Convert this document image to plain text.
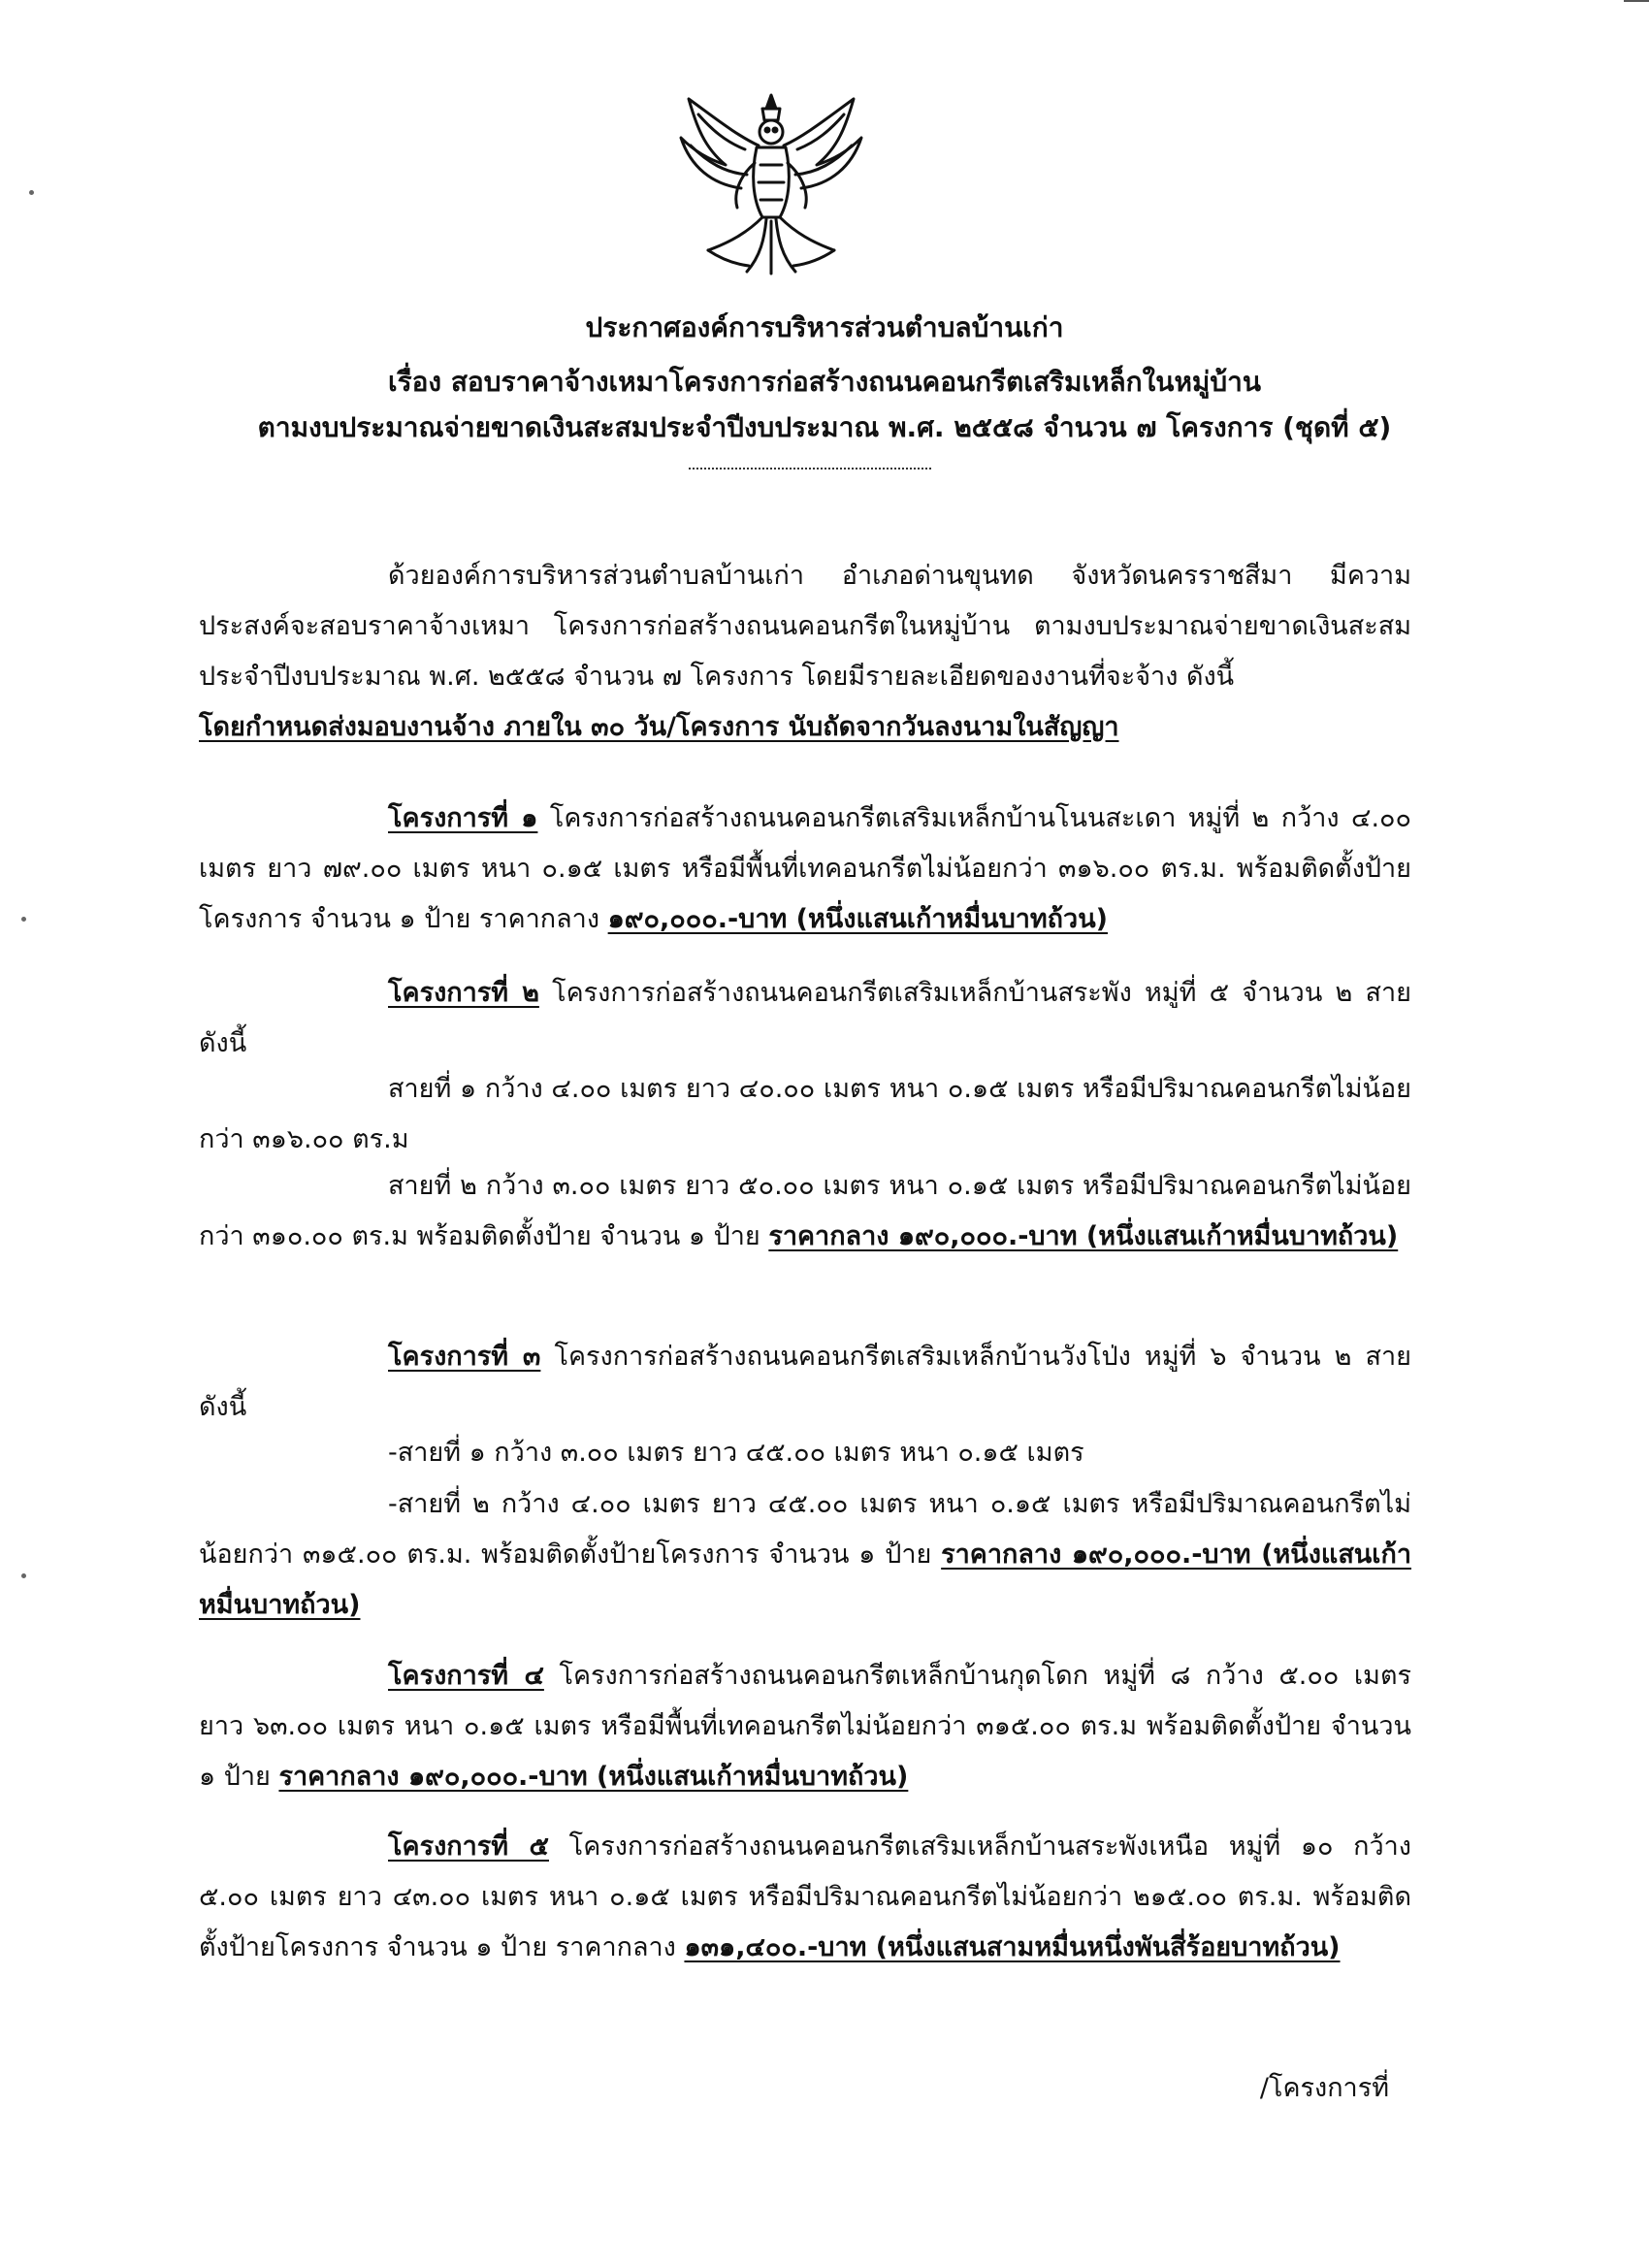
ประกาศองค์การบริหารส่วนตำบลบ้านเก่า
เรื่อง สอบราคาจ้างเหมาโครงการก่อสร้างถนนคอนกรีตเสริมเหล็กในหมู่บ้าน
ตามงบประมาณจ่ายขาดเงินสะสมประจำปีงบประมาณ พ.ศ. ๒๕๕๘ จำนวน ๗ โครงการ (ชุดที่ ๕)

ด้วยองค์การบริหารส่วนตำบลบ้านเก่า อำเภอด่านขุนทด จังหวัดนครราชสีมา มีความประสงค์จะสอบราคาจ้างเหมา โครงการก่อสร้างถนนคอนกรีตในหมู่บ้าน ตามงบประมาณจ่ายขาดเงินสะสมประจำปีงบประมาณ พ.ศ. ๒๕๕๘ จำนวน ๗ โครงการ โดยมีรายละเอียดของงานที่จะจ้าง ดังนี้
โดยกำหนดส่งมอบงานจ้าง ภายใน ๓๐ วัน/โครงการ นับถัดจากวันลงนามในสัญญา

โครงการที่ ๑ โครงการก่อสร้างถนนคอนกรีตเสริมเหล็กบ้านโนนสะเดา หมู่ที่ ๒ กว้าง ๔.๐๐ เมตร ยาว ๗๙.๐๐ เมตร หนา ๐.๑๕ เมตร หรือมีพื้นที่เทคอนกรีตไม่น้อยกว่า ๓๑๖.๐๐ ตร.ม. พร้อมติดตั้งป้ายโครงการ จำนวน ๑ ป้าย ราคากลาง ๑๙๐,๐๐๐.-บาท (หนึ่งแสนเก้าหมื่นบาทถ้วน)

โครงการที่ ๒ โครงการก่อสร้างถนนคอนกรีตเสริมเหล็กบ้านสระพัง หมู่ที่ ๕ จำนวน ๒ สาย ดังนี้

สายที่ ๑ กว้าง ๔.๐๐ เมตร ยาว ๔๐.๐๐ เมตร หนา ๐.๑๕ เมตร หรือมีปริมาณคอนกรีตไม่น้อยกว่า ๓๑๖.๐๐ ตร.ม

สายที่ ๒ กว้าง ๓.๐๐ เมตร ยาว ๕๐.๐๐ เมตร หนา ๐.๑๕ เมตร หรือมีปริมาณคอนกรีตไม่น้อยกว่า ๓๑๐.๐๐ ตร.ม พร้อมติดตั้งป้าย จำนวน ๑ ป้าย ราคากลาง ๑๙๐,๐๐๐.-บาท (หนึ่งแสนเก้าหมื่นบาทถ้วน)

โครงการที่ ๓ โครงการก่อสร้างถนนคอนกรีตเสริมเหล็กบ้านวังโป่ง หมู่ที่ ๖ จำนวน ๒ สายดังนี้

-สายที่ ๑ กว้าง ๓.๐๐ เมตร ยาว ๔๕.๐๐ เมตร หนา ๐.๑๕ เมตร

-สายที่ ๒ กว้าง ๔.๐๐ เมตร ยาว ๔๕.๐๐ เมตร หนา ๐.๑๕ เมตร หรือมีปริมาณคอนกรีตไม่น้อยกว่า ๓๑๕.๐๐ ตร.ม. พร้อมติดตั้งป้ายโครงการ จำนวน ๑ ป้าย ราคากลาง ๑๙๐,๐๐๐.-บาท (หนึ่งแสนเก้าหมื่นบาทถ้วน)

โครงการที่ ๔ โครงการก่อสร้างถนนคอนกรีตเหล็กบ้านกุดโดก หมู่ที่ ๘ กว้าง ๕.๐๐ เมตร ยาว ๖๓.๐๐ เมตร หนา ๐.๑๕ เมตร หรือมีพื้นที่เทคอนกรีตไม่น้อยกว่า ๓๑๕.๐๐ ตร.ม พร้อมติดตั้งป้าย จำนวน ๑ ป้าย ราคากลาง ๑๙๐,๐๐๐.-บาท (หนึ่งแสนเก้าหมื่นบาทถ้วน)

โครงการที่ ๕ โครงการก่อสร้างถนนคอนกรีตเสริมเหล็กบ้านสระพังเหนือ หมู่ที่ ๑๐ กว้าง ๕.๐๐ เมตร ยาว ๔๓.๐๐ เมตร หนา ๐.๑๕ เมตร หรือมีปริมาณคอนกรีตไม่น้อยกว่า ๒๑๕.๐๐ ตร.ม. พร้อมติดตั้งป้ายโครงการ จำนวน ๑ ป้าย ราคากลาง ๑๓๑,๔๐๐.-บาท (หนึ่งแสนสามหมื่นหนึ่งพันสี่ร้อยบาทถ้วน)

/โครงการที่
